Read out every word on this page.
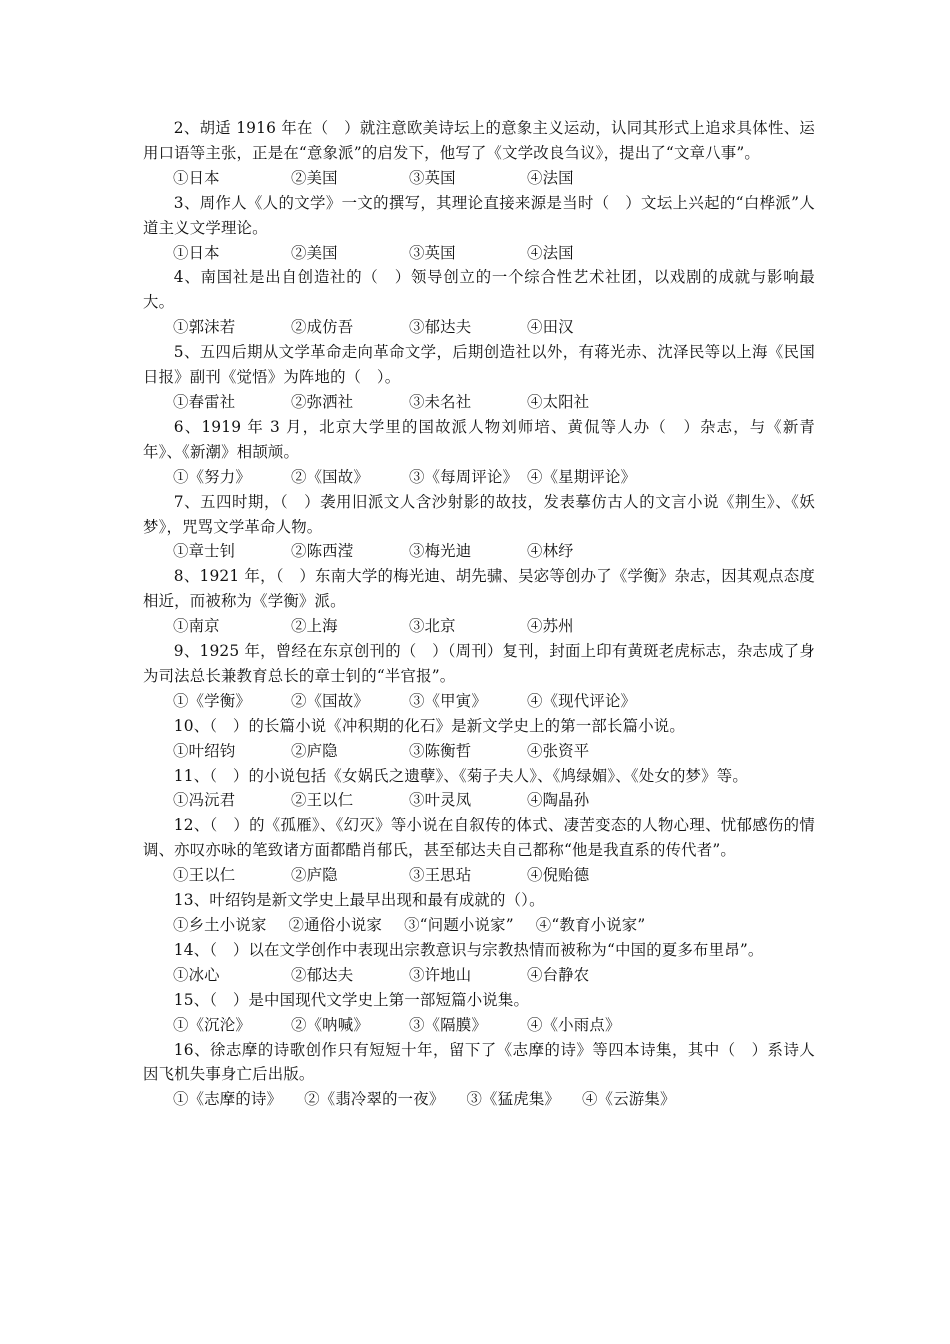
2、胡适 1916 年在（　）就注意欧美诗坛上的意象主义运动，认同其形式上追求具体性、运用口语等主张，正是在“意象派”的启发下，他写了《文学改良刍议》，提出了“文章八事”。

①日本	②美国	③英国	④法国

3、周作人《人的文学》一文的撰写，其理论直接来源是当时（　）文坛上兴起的“白桦派”人道主义文学理论。

①日本	②美国	③英国	④法国

4、南国社是出自创造社的（　）领导创立的一个综合性艺术社团，以戏剧的成就与影响最大。

①郭沫若	②成仿吾	③郁达夫	④田汉

5、五四后期从文学革命走向革命文学，后期创造社以外，有蒋光赤、沈泽民等以上海《民国日报》副刊《觉悟》为阵地的（　）。

①春雷社	②弥洒社	③未名社	④太阳社

6、1919 年 3 月，北京大学里的国故派人物刘师培、黄侃等人办（　）杂志，与《新青年》、《新潮》相颉颃。

①《努力》	②《国故》	③《每周评论》 ④《星期评论》

7、五四时期，（　）袭用旧派文人含沙射影的故技，发表摹仿古人的文言小说《荆生》、《妖梦》，咒骂文学革命人物。

①章士钊	②陈西滢	③梅光迪	④林纾

8、1921 年，（　）东南大学的梅光迪、胡先骕、吴宓等创办了《学衡》杂志，因其观点态度相近，而被称为《学衡》派。

①南京	②上海	③北京	④苏州

9、1925 年，曾经在东京创刊的（　）（周刊）复刊，封面上印有黄斑老虎标志，杂志成了身为司法总长兼教育总长的章士钊的“半官报”。

①《学衡》	②《国故》	③《甲寅》	④《现代评论》

10、（　）的长篇小说《冲积期的化石》是新文学史上的第一部长篇小说。

①叶绍钧	②庐隐	③陈衡哲	④张资平

11、（　）的小说包括《女娲氏之遗孽》、《菊子夫人》、《鸠绿媚》、《处女的梦》等。

①冯沅君	②王以仁	③叶灵凤	④陶晶孙

12、（　）的《孤雁》、《幻灭》等小说在自叙传的体式、凄苦变态的人物心理、忧郁感伤的情调、亦叹亦咏的笔致诸方面都酷肖郁氏，甚至郁达夫自己都称“他是我直系的传代者”。

①王以仁	②庐隐	③王思玷	④倪贻德

13、叶绍钧是新文学史上最早出现和最有成就的（）。

①乡土小说家 ②通俗小说家 ③“问题小说家” ④“教育小说家”

14、（　）以在文学创作中表现出宗教意识与宗教热情而被称为“中国的夏多布里昂”。

①冰心	②郁达夫	③许地山	④台静农

15、（　）是中国现代文学史上第一部短篇小说集。

①《沉沦》	②《呐喊》	③《隔膜》	④《小雨点》

16、徐志摩的诗歌创作只有短短十年，留下了《志摩的诗》等四本诗集，其中（　）系诗人因飞机失事身亡后出版。

①《志摩的诗》 ②《翡冷翠的一夜》 ③《猛虎集》 ④《云游集》
